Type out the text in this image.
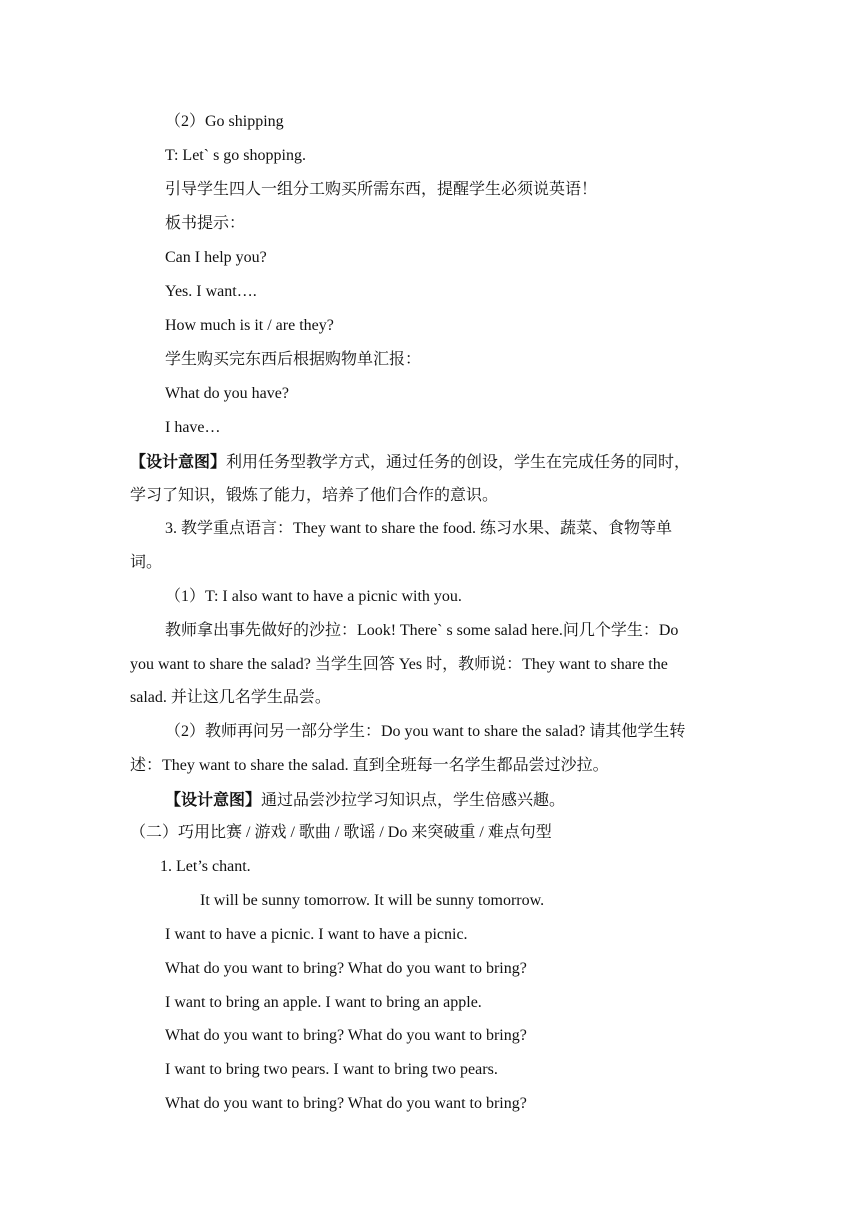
（2）Go shipping
T: Let` s go shopping.
引导学生四人一组分工购买所需东西，提醒学生必须说英语！
板书提示：
Can I help you?
Yes. I want….
How much is it / are they?
学生购买完东西后根据购物单汇报：
What do you have?
I have…
【设计意图】利用任务型教学方式，通过任务的创设，学生在完成任务的同时，
学习了知识，锻炼了能力，培养了他们合作的意识。
3. 教学重点语言：They want to share the food. 练习水果、蔬菜、食物等单
词。
（1）T: I also want to have a picnic with you.
教师拿出事先做好的沙拉：Look! There` s some salad here.问几个学生：Do
you want to share the salad? 当学生回答 Yes 时，教师说：They want to share the
salad. 并让这几名学生品尝。
（2）教师再问另一部分学生：Do you want to share the salad? 请其他学生转
述：They want to share the salad. 直到全班每一名学生都品尝过沙拉。
【设计意图】通过品尝沙拉学习知识点，学生倍感兴趣。
（二）巧用比赛 / 游戏 / 歌曲 / 歌谣 / Do 来突破重 / 难点句型
1. Let’s chant.
It will be sunny tomorrow. It will be sunny tomorrow.
I want to have a picnic. I want to have a picnic.
What do you want to bring? What do you want to bring?
I want to bring an apple. I want to bring an apple.
What do you want to bring? What do you want to bring?
I want to bring two pears. I want to bring two pears.
What do you want to bring? What do you want to bring?
